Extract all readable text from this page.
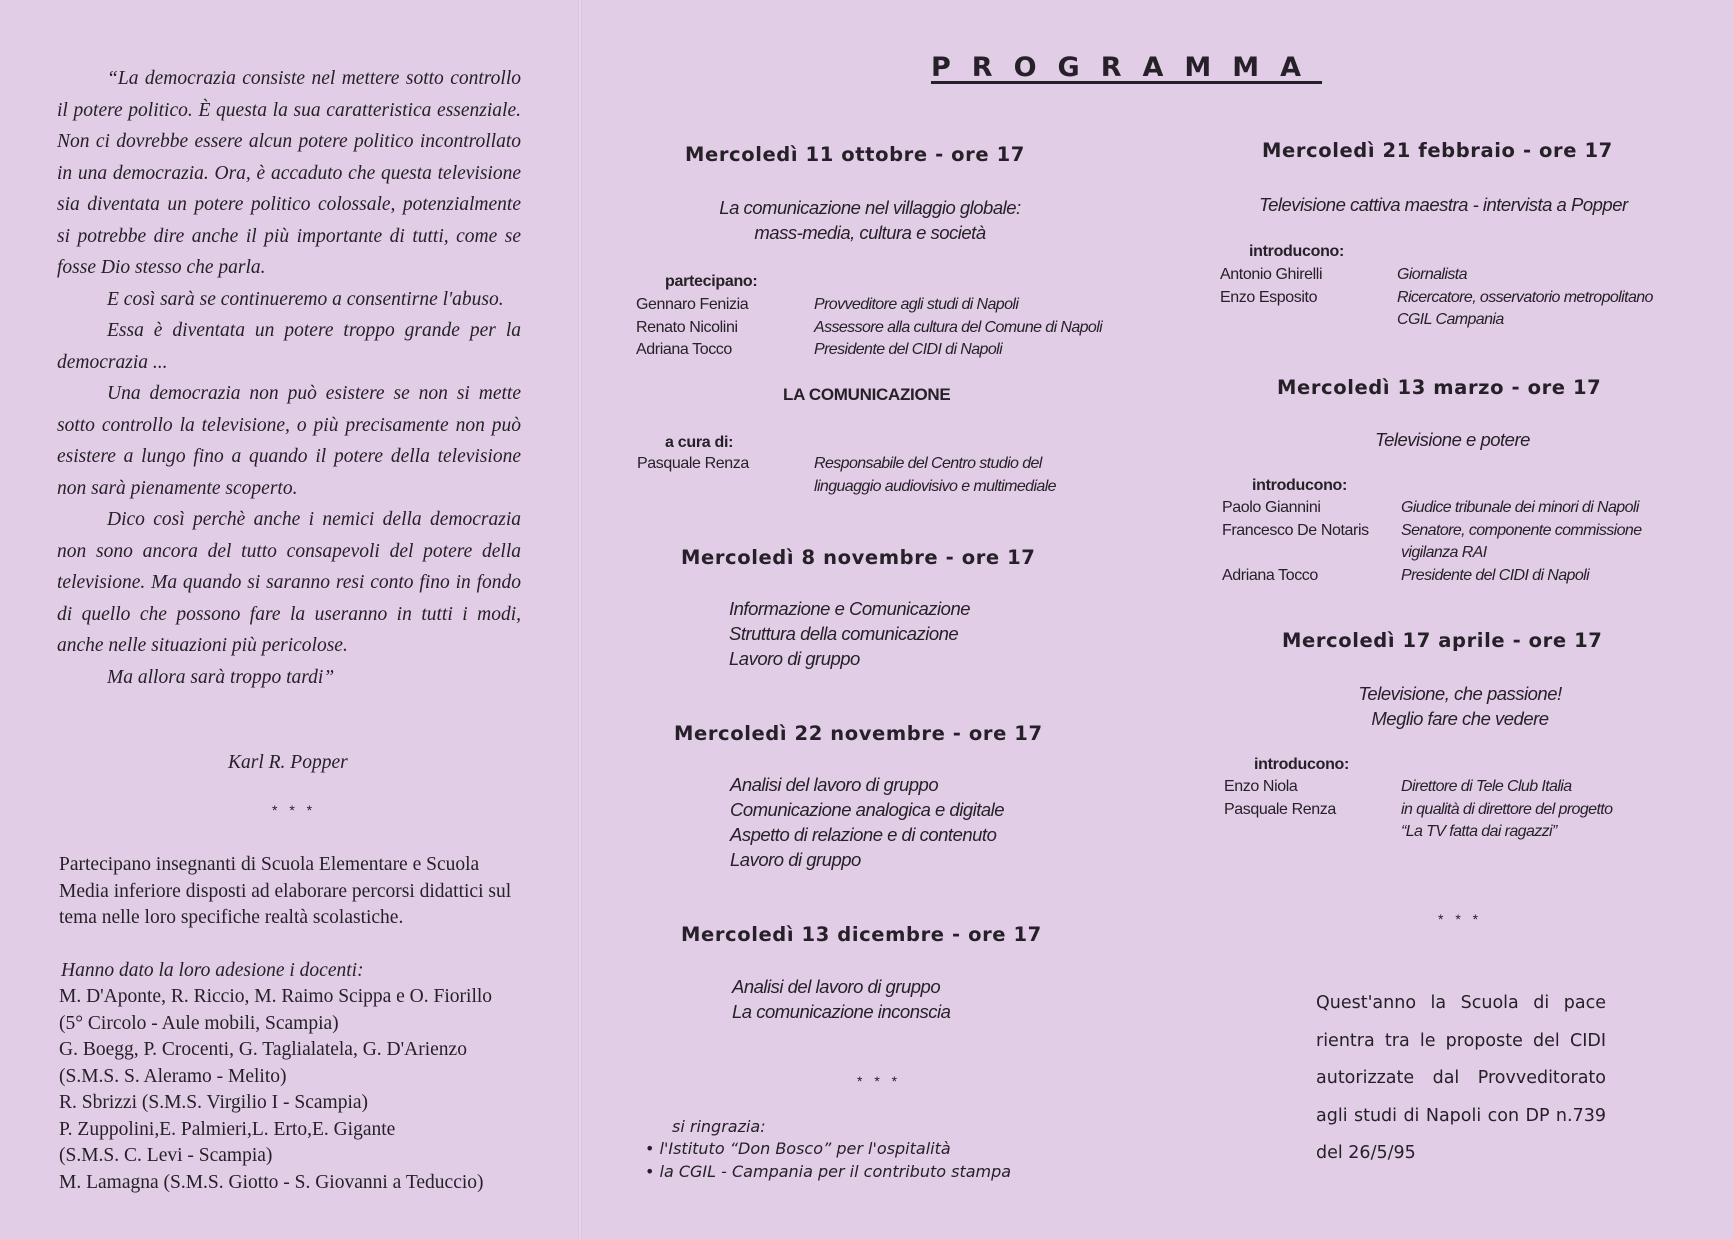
“La democrazia consiste nel mettere sotto controllo il potere politico. È questa la sua caratteristica essenziale. Non ci dovrebbe essere alcun potere politico incontrollato in una democrazia. Ora, è accaduto che questa televisione sia diventata un potere politico colossale, potenzialmente si potrebbe dire anche il più importante di tutti, come se fosse Dio stesso che parla.

E così sarà se continueremo a consentirne l'abuso.

Essa è diventata un potere troppo grande per la democrazia ...

Una democrazia non può esistere se non si mette sotto controllo la televisione, o più precisamente non può esistere a lungo fino a quando il potere della televisione non sarà pienamente scoperto.

Dico così perchè anche i nemici della democrazia non sono ancora del tutto consapevoli del potere della televisione. Ma quando si saranno resi conto fino in fondo di quello che possono fare la useranno in tutti i modi, anche nelle situazioni più pericolose.

Ma allora sarà troppo tardi”

Karl R. Popper
* * *
Partecipano insegnanti di Scuola Elementare e Scuola Media inferiore disposti ad elaborare percorsi didattici sul tema nelle loro specifiche realtà scolastiche.
Hanno dato la loro adesione i docenti:
M. D'Aponte, R. Riccio, M. Raimo Scippa e O. Fiorillo
(5° Circolo - Aule mobili, Scampia)
G. Boegg, P. Crocenti, G. Taglialatela, G. D'Arienzo
(S.M.S. S. Aleramo - Melito)
R. Sbrizzi (S.M.S. Virgilio I - Scampia)
P. Zuppolini,E. Palmieri,L. Erto,E. Gigante
(S.M.S. C. Levi - Scampia)
M. Lamagna (S.M.S. Giotto - S. Giovanni a Teduccio)
PROGRAMMA
Mercoledì 11 ottobre - ore 17
La comunicazione nel villaggio globale:
mass-media, cultura e società
partecipano:
Gennaro Fenizia	Provveditore agli studi di Napoli
Renato Nicolini	Assessore alla cultura del Comune di Napoli
Adriana Tocco	Presidente del CIDI di Napoli
LA COMUNICAZIONE
a cura di:
Pasquale Renza	Responsabile del Centro studio del
linguaggio audiovisivo e multimediale
Mercoledì 8 novembre - ore 17
Informazione e Comunicazione
Struttura della comunicazione
Lavoro di gruppo
Mercoledì 22 novembre - ore 17
Analisi del lavoro di gruppo
Comunicazione analogica e digitale
Aspetto di relazione e di contenuto
Lavoro di gruppo
Mercoledì 13 dicembre - ore 17
Analisi del lavoro di gruppo
La comunicazione inconscia
* * *
si ringrazia:
• l'Istituto “Don Bosco” per l'ospitalità
• la CGIL - Campania per il contributo stampa
Mercoledì 21 febbraio - ore 17
Televisione cattiva maestra - intervista a Popper
introducono:
Antonio Ghirelli	Giornalista
Enzo Esposito	Ricercatore, osservatorio metropolitano
CGIL Campania
Mercoledì 13 marzo - ore 17
Televisione e potere
introducono:
Paolo Giannini	Giudice tribunale dei minori di Napoli
Francesco De Notaris	Senatore, componente commissione
vigilanza RAI
Adriana Tocco	Presidente del CIDI di Napoli
Mercoledì 17 aprile - ore 17
Televisione, che passione!
Meglio fare che vedere
introducono:
Enzo Niola	Direttore di Tele Club Italia
Pasquale Renza	in qualità di direttore del progetto
“La TV fatta dai ragazzi”
* * *
Quest'anno la Scuola di pace
rientra tra le proposte del CIDI
autorizzate dal Provveditorato
agli studi di Napoli con DP n.739
del 26/5/95
